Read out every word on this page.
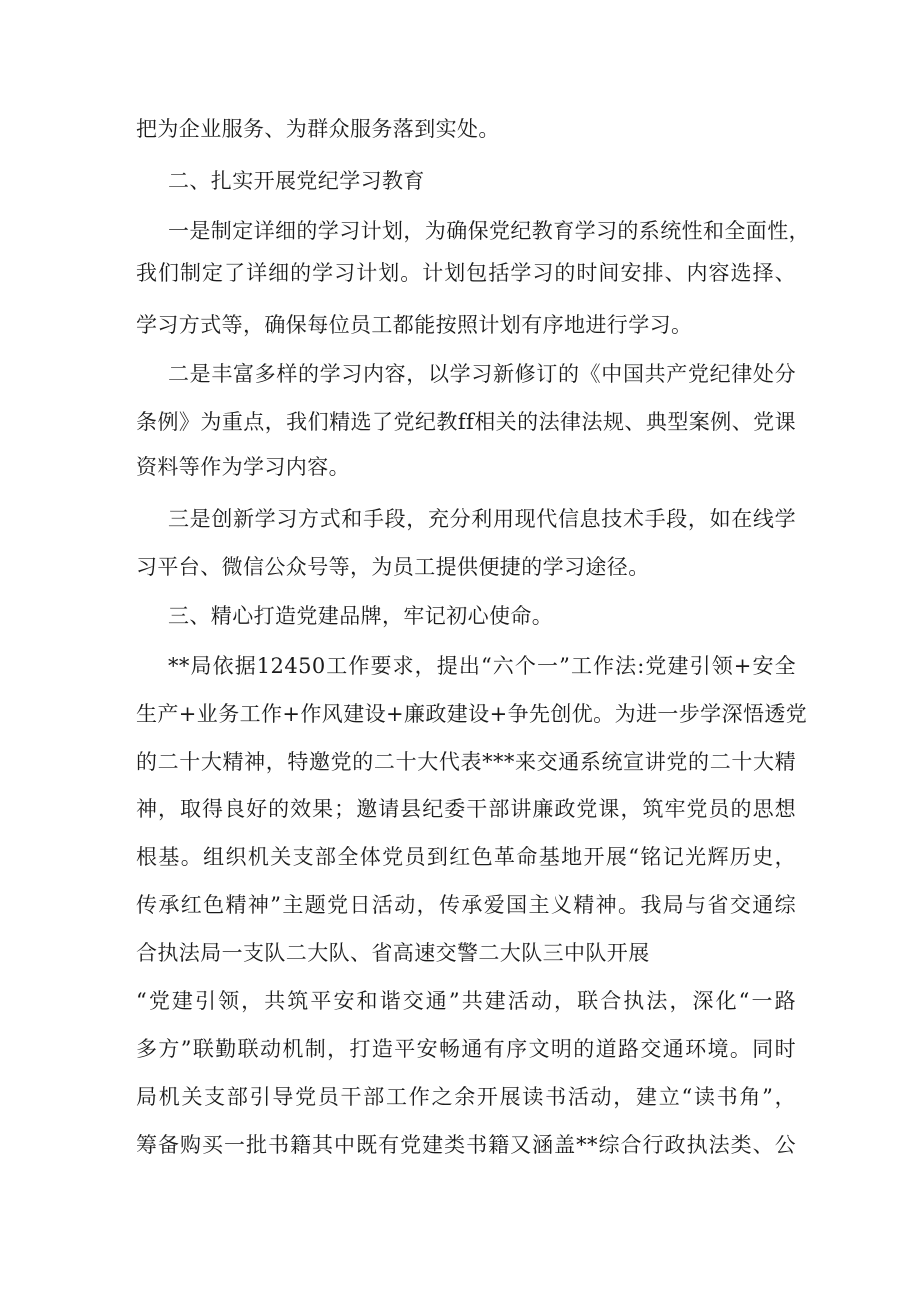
把为企业服务、为群众服务落到实处。
二、扎实开展党纪学习教育
一是制定详细的学习计划，为确保党纪教育学习的系统性和全面性，
我们制定了详细的学习计划。计划包括学习的时间安排、内容选择、
学习方式等，确保每位员工都能按照计划有序地进行学习。
二是丰富多样的学习内容，以学习新修订的《中国共产党纪律处分
条例》为重点，我们精选了党纪教ff相关的法律法规、典型案例、党课
资料等作为学习内容。
三是创新学习方式和手段，充分利用现代信息技术手段，如在线学
习平台、微信公众号等，为员工提供便捷的学习途径。
三、精心打造党建品牌，牢记初心使命。
**局依据12450工作要求，提出“六个一”工作法:党建引领+安全
生产+业务工作+作风建设+廉政建设+争先创优。为进一步学深悟透党
的二十大精神，特邀党的二十大代表***来交通系统宣讲党的二十大精
神，取得良好的效果；邀请县纪委干部讲廉政党课，筑牢党员的思想
根基。组织机关支部全体党员到红色革命基地开展“铭记光辉历史，
传承红色精神”主题党日活动，传承爱国主义精神。我局与省交通综
合执法局一支队二大队、省高速交警二大队三中队开展
“党建引领，共筑平安和谐交通”共建活动，联合执法，深化“一路
多方”联勤联动机制，打造平安畅通有序文明的道路交通环境。同时
局机关支部引导党员干部工作之余开展读书活动，建立“读书角”，
筹备购买一批书籍其中既有党建类书籍又涵盖**综合行政执法类、公
